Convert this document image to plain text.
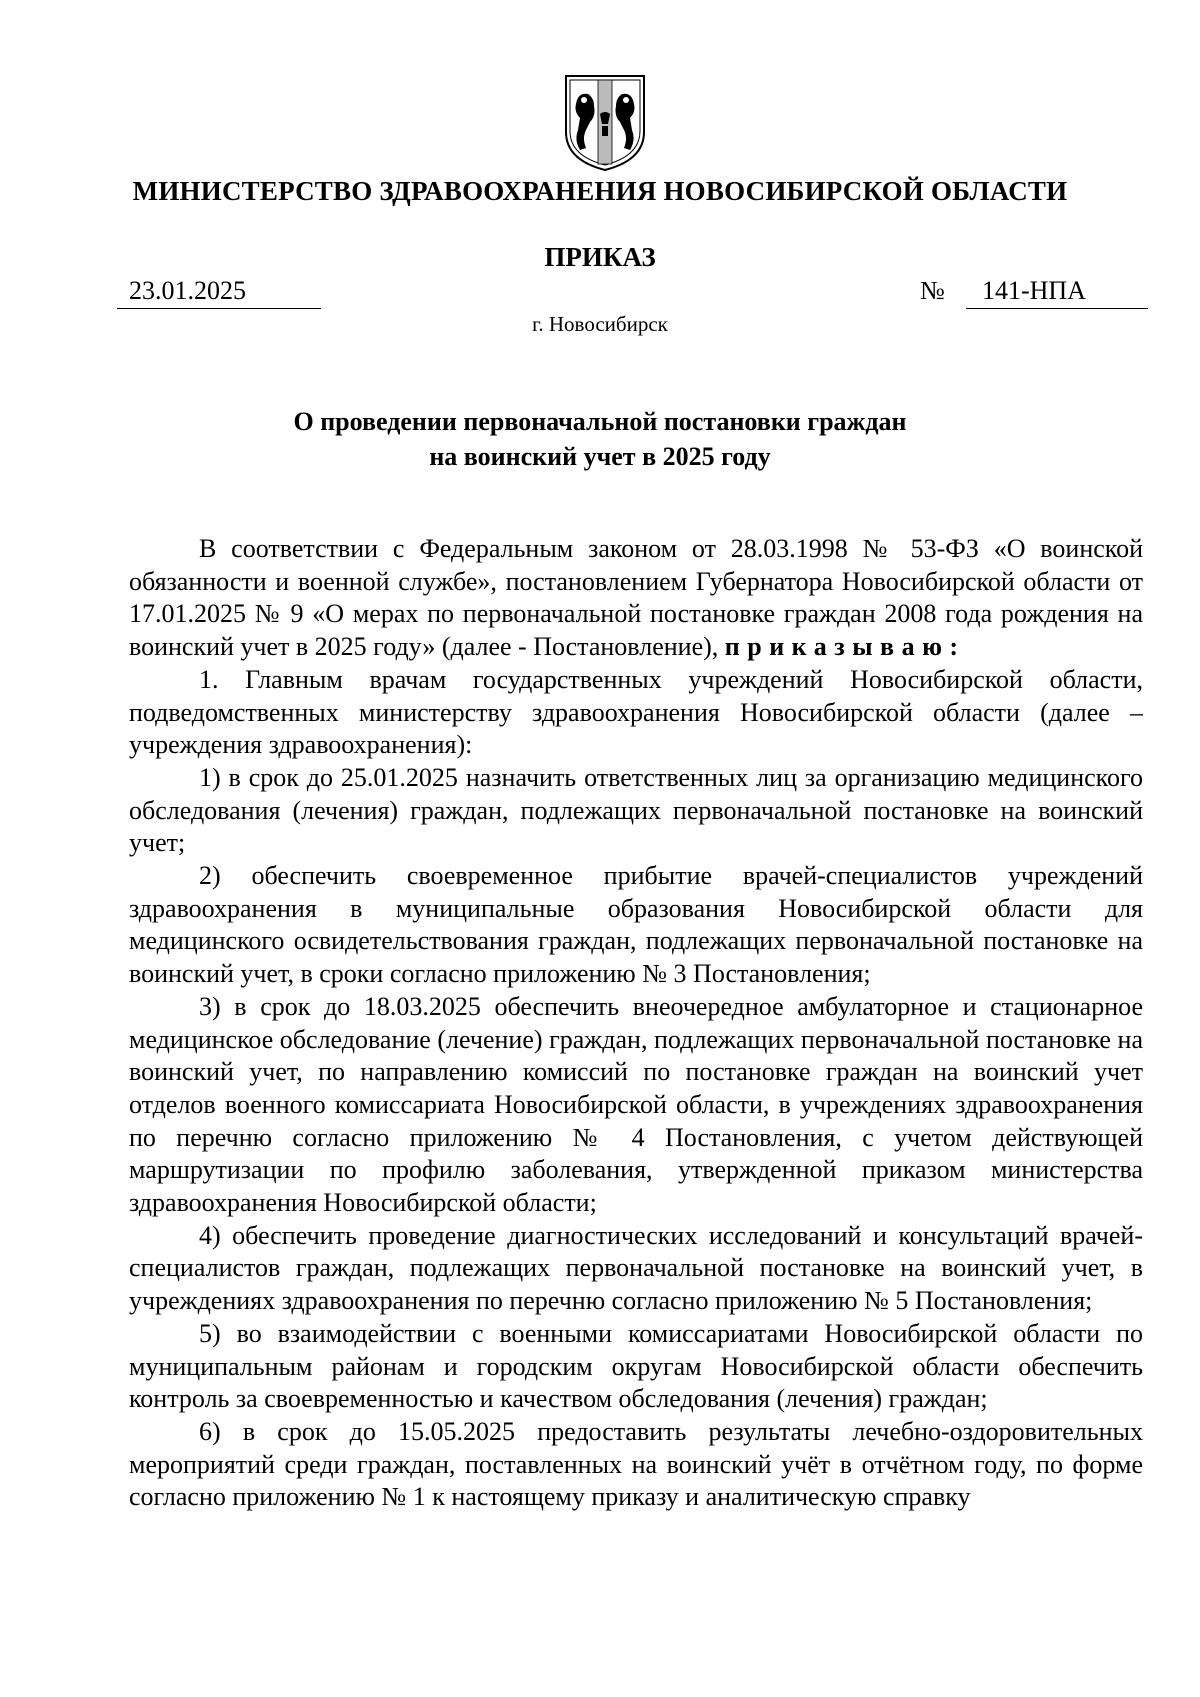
МИНИСТЕРСТВО ЗДРАВООХРАНЕНИЯ НОВОСИБИРСКОЙ ОБЛАСТИ
ПРИКАЗ
23.01.2025	№	141-НПА
г. Новосибирск
О проведении первоначальной постановки граждан
на воинский учет в 2025 году

В соответствии с Федеральным законом от 28.03.1998 № 53-ФЗ «О воинской обязанности и военной службе», постановлением Губернатора Новосибирской области от 17.01.2025 № 9 «О мерах по первоначальной постановке граждан 2008 года рождения на воинский учет в 2025 году» (далее - Постановление), приказываю:

1. Главным врачам государственных учреждений Новосибирской области, подведомственных министерству здравоохранения Новосибирской области (далее – учреждения здравоохранения):

1) в срок до 25.01.2025 назначить ответственных лиц за организацию медицинского обследования (лечения) граждан, подлежащих первоначальной постановке на воинский учет;

2) обеспечить своевременное прибытие врачей-специалистов учреждений здравоохранения в муниципальные образования Новосибирской области для медицинского освидетельствования граждан, подлежащих первоначальной постановке на воинский учет, в сроки согласно приложению № 3 Постановления;

3) в срок до 18.03.2025 обеспечить внеочередное амбулаторное и стационарное медицинское обследование (лечение) граждан, подлежащих первоначальной постановке на воинский учет, по направлению комиссий по постановке граждан на воинский учет отделов военного комиссариата Новосибирской области, в учреждениях здравоохранения по перечню согласно приложению № 4 Постановления, с учетом действующей маршрутизации по профилю заболевания, утвержденной приказом министерства здравоохранения Новосибирской области;

4) обеспечить проведение диагностических исследований и консультаций врачей-специалистов граждан, подлежащих первоначальной постановке на воинский учет, в учреждениях здравоохранения по перечню согласно приложению № 5 Постановления;

5) во взаимодействии с военными комиссариатами Новосибирской области по муниципальным районам и городским округам Новосибирской области обеспечить контроль за своевременностью и качеством обследования (лечения) граждан;

6) в срок до 15.05.2025 предоставить результаты лечебно-оздоровительных мероприятий среди граждан, поставленных на воинский учёт в отчётном году, по форме согласно приложению № 1 к настоящему приказу и аналитическую справку
